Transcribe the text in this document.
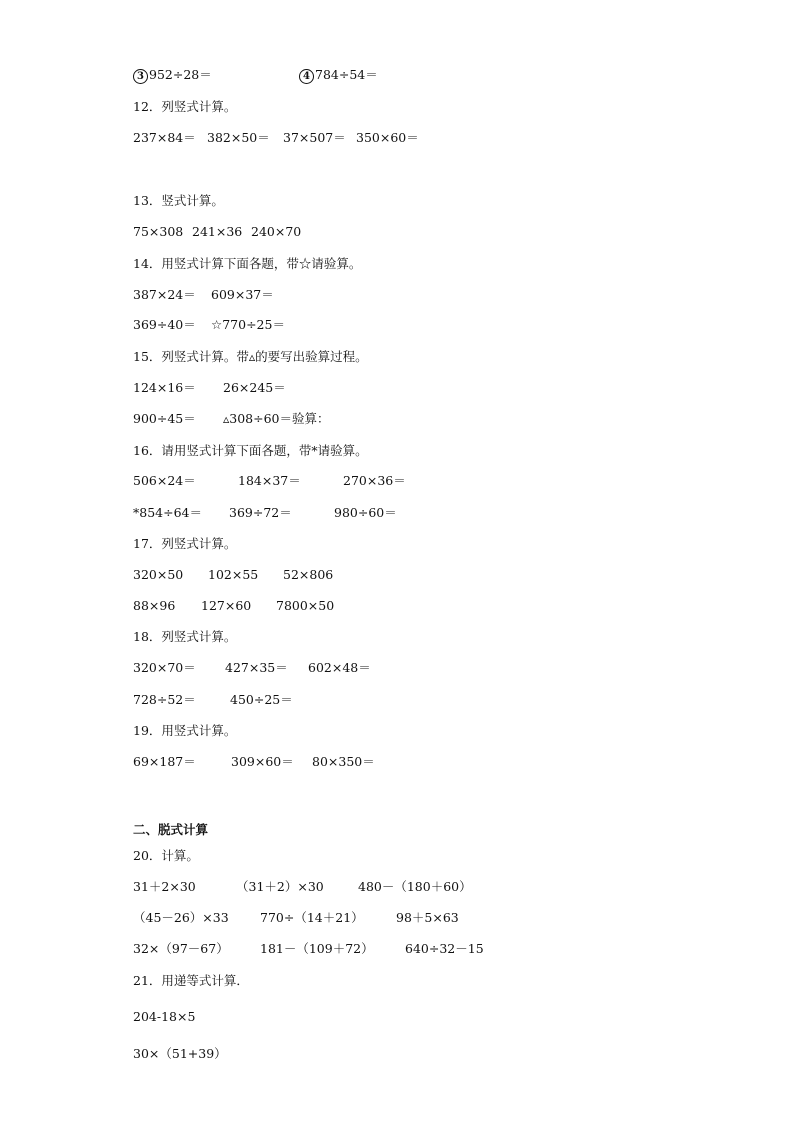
3 952÷28＝	4 784÷54＝
12．列竖式计算。
237×84＝ 382×50＝ 37×507＝ 350×60＝
13．竖式计算。
75×308 241×36 240×70
14．用竖式计算下面各题，带☆请验算。
387×24＝ 609×37＝
369÷40＝ ☆770÷25＝
15．列竖式计算。带▵的要写出验算过程。
124×16＝ 26×245＝
900÷45＝ ▵308÷60＝验算：
16．请用竖式计算下面各题，带*请验算。
506×24＝	184×37＝	270×36＝
*854÷64＝ 369÷72＝	980÷60＝
17．列竖式计算。
320×50 102×55 52×806
88×96 127×60 7800×50
18．列竖式计算。
320×70＝ 427×35＝ 602×48＝
728÷52＝	450÷25＝
19．用竖式计算。
69×187＝	309×60＝ 80×350＝
二、脱式计算
20．计算。
31＋2×30	（31＋2）×30	480－（180＋60）
（45－26）×33	770÷（14＋21）	98＋5×63
32×（97－67）	181－（109＋72）	640÷32－15
21．用递等式计算．
204-18×5
30×（51+39）
